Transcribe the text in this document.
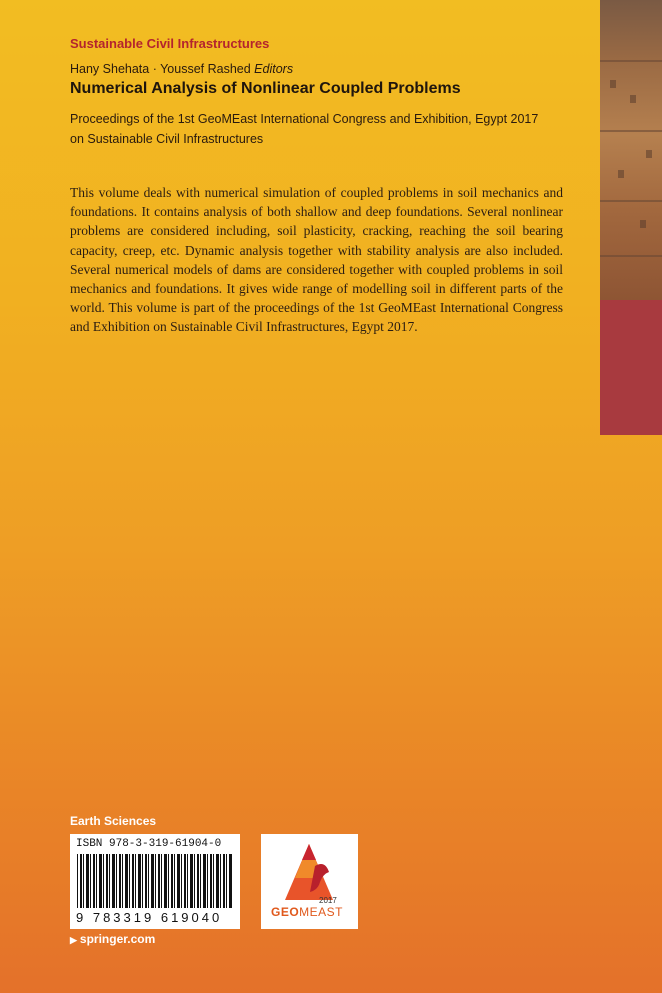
Sustainable Civil Infrastructures
Hany Shehata · Youssef Rashed Editors
Numerical Analysis of Nonlinear Coupled Problems
Proceedings of the 1st GeoMEast International Congress and Exhibition, Egypt 2017 on Sustainable Civil Infrastructures
This volume deals with numerical simulation of coupled problems in soil mechanics and foundations. It contains analysis of both shallow and deep foundations. Several nonlinear problems are considered including, soil plasticity, cracking, reaching the soil bearing capacity, creep, etc. Dynamic analysis together with stability analysis are also included. Several numerical models of dams are considered together with coupled problems in soil mechanics and foundations. It gives wide range of modelling soil in different parts of the world. This volume is part of the proceedings of the 1st GeoMEast International Congress and Exhibition on Sustainable Civil Infrastructures, Egypt 2017.
Earth Sciences
ISBN 978-3-319-61904-0
9 783319 619040
2017
GEOMEAST
▶ springer.com
